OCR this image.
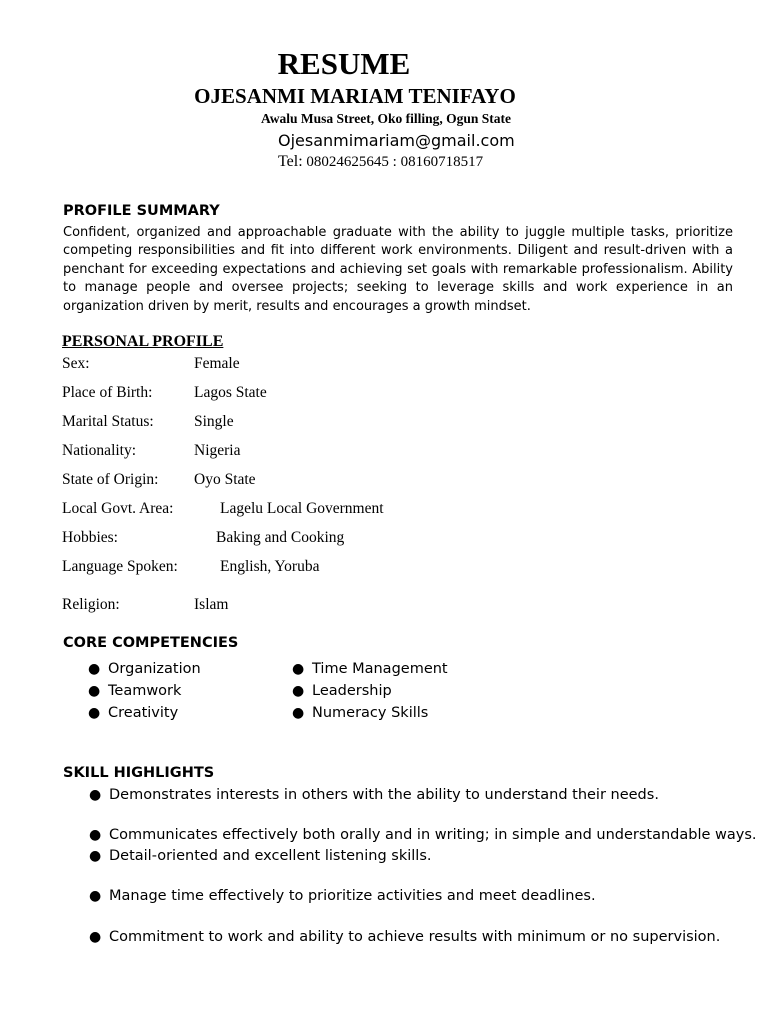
RESUME
OJESANMI MARIAM TENIFAYO
Awalu Musa Street, Oko filling, Ogun State
Ojesanmimariam@gmail.com
Tel: 08024625645 : 08160718517
PROFILE SUMMARY
Confident, organized and approachable graduate with the ability to juggle multiple tasks, prioritize competing responsibilities and fit into different work environments. Diligent and result-driven with a penchant for exceeding expectations and achieving set goals with remarkable professionalism. Ability to manage people and oversee projects; seeking to leverage skills and work experience in an organization driven by merit, results and encourages a growth mindset.
PERSONAL PROFILE
Sex:	Female
Place of Birth:	Lagos State
Marital Status:	Single
Nationality:	Nigeria
State of Origin: Oyo State
Local Govt. Area:	Lagelu Local Government
Hobbies:	Baking and Cooking
Language Spoken:	English, Yoruba
Religion:	Islam
CORE COMPETENCIES
● Organization
● Teamwork
● Creativity
● Time Management
● Leadership
● Numeracy Skills
SKILL HIGHLIGHTS
● Demonstrates interests in others with the ability to understand their needs.
● Communicates effectively both orally and in writing; in simple and understandable ways.
● Detail-oriented and excellent listening skills.
● Manage time effectively to prioritize activities and meet deadlines.
● Commitment to work and ability to achieve results with minimum or no supervision.
